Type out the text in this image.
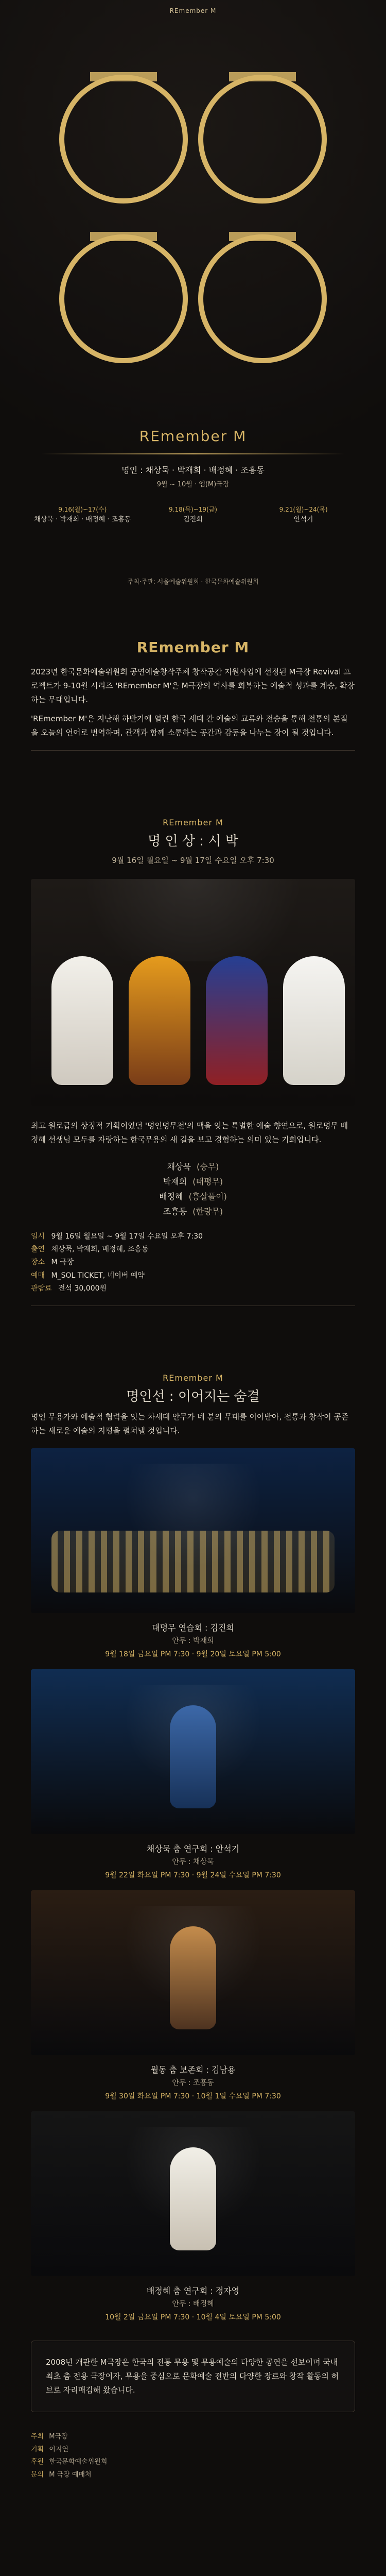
REmember M
REmember M
명인 : 채상묵 · 박재희 · 배정혜 · 조흥동
9월 ~ 10월 · 엠(M)극장
9.16(월)~17(수)
채상묵 · 박재희 · 배정혜 · 조흥동
9.18(목)~19(금)
김진희
9.21(월)~24(목)
안석기
주최·주관: 서울예술위원회 · 한국문화예술위원회
REmember M

2023년 한국문화예술위원회 공연예술창작주체 창작공간 지원사업에 선정된 M극장 Revival 프로젝트가 9-10월 시리즈 'REmember M'은 M극장의 역사를 회복하는 예술적 성과를 계승, 확장하는 무대입니다.

'REmember M'은 지난해 하반기에 열린 한국 세대 간 예술의 교류와 전승을 통해 전통의 본질을 오늘의 언어로 번역하며, 관객과 함께 소통하는 공간과 감동을 나누는 장이 될 것입니다.

REmember M
명 인 상 : 시 박
9월 16일 월요일 ~ 9월 17일 수요일 오후 7:30

최고 원로급의 상징적 기획이었던 '명인명무전'의 맥을 잇는 특별한 예술 향연으로, 원로명무 배정혜 선생님 모두를 자랑하는 한국무용의 새 길을 보고 경험하는 의미 있는 기회입니다.

채상묵 (승무)
박재희 (태평무)
배정혜 (흥살풀이)
조흥동 (한량무)
일시 9월 16일 월요일 ~ 9월 17일 수요일 오후 7:30
출연 채상묵, 박재희, 배정혜, 조흥동
장소 M 극장
예매 M_SOL TICKET, 네이버 예약
관람료 전석 30,000원
REmember M
명인선 : 이어지는 숨결

명인 무용가와 예술적 협력을 잇는 차세대 안무가 네 분의 무대를 이어받아, 전통과 창작이 공존하는 새로운 예술의 지평을 펼쳐낼 것입니다.

대명무 연습회 : 김진희
안무 : 박재희
9월 18일 금요일 PM 7:30 · 9월 20일 토요일 PM 5:00
채상묵 춤 연구회 : 안석기
안무 : 채상묵
9월 22일 화요일 PM 7:30 · 9월 24일 수요일 PM 7:30
월동 춤 보존회 : 김남용
안무 : 조흥동
9월 30일 화요일 PM 7:30 · 10월 1일 수요일 PM 7:30
배정혜 춤 연구회 : 정자영
안무 : 배정혜
10월 2일 금요일 PM 7:30 · 10월 4일 토요일 PM 5:00

2008년 개관한 M극장은 한국의 전통 무용 및 무용예술의 다양한 공연을 선보이며 국내 최초 춤 전용 극장이자, 무용을 중심으로 문화예술 전반의 다양한 장르와 창작 활동의 허브로 자리매김해 왔습니다.

주최 M극장
기획 이지연
후원 한국문화예술위원회
문의 M 극장 예매처
